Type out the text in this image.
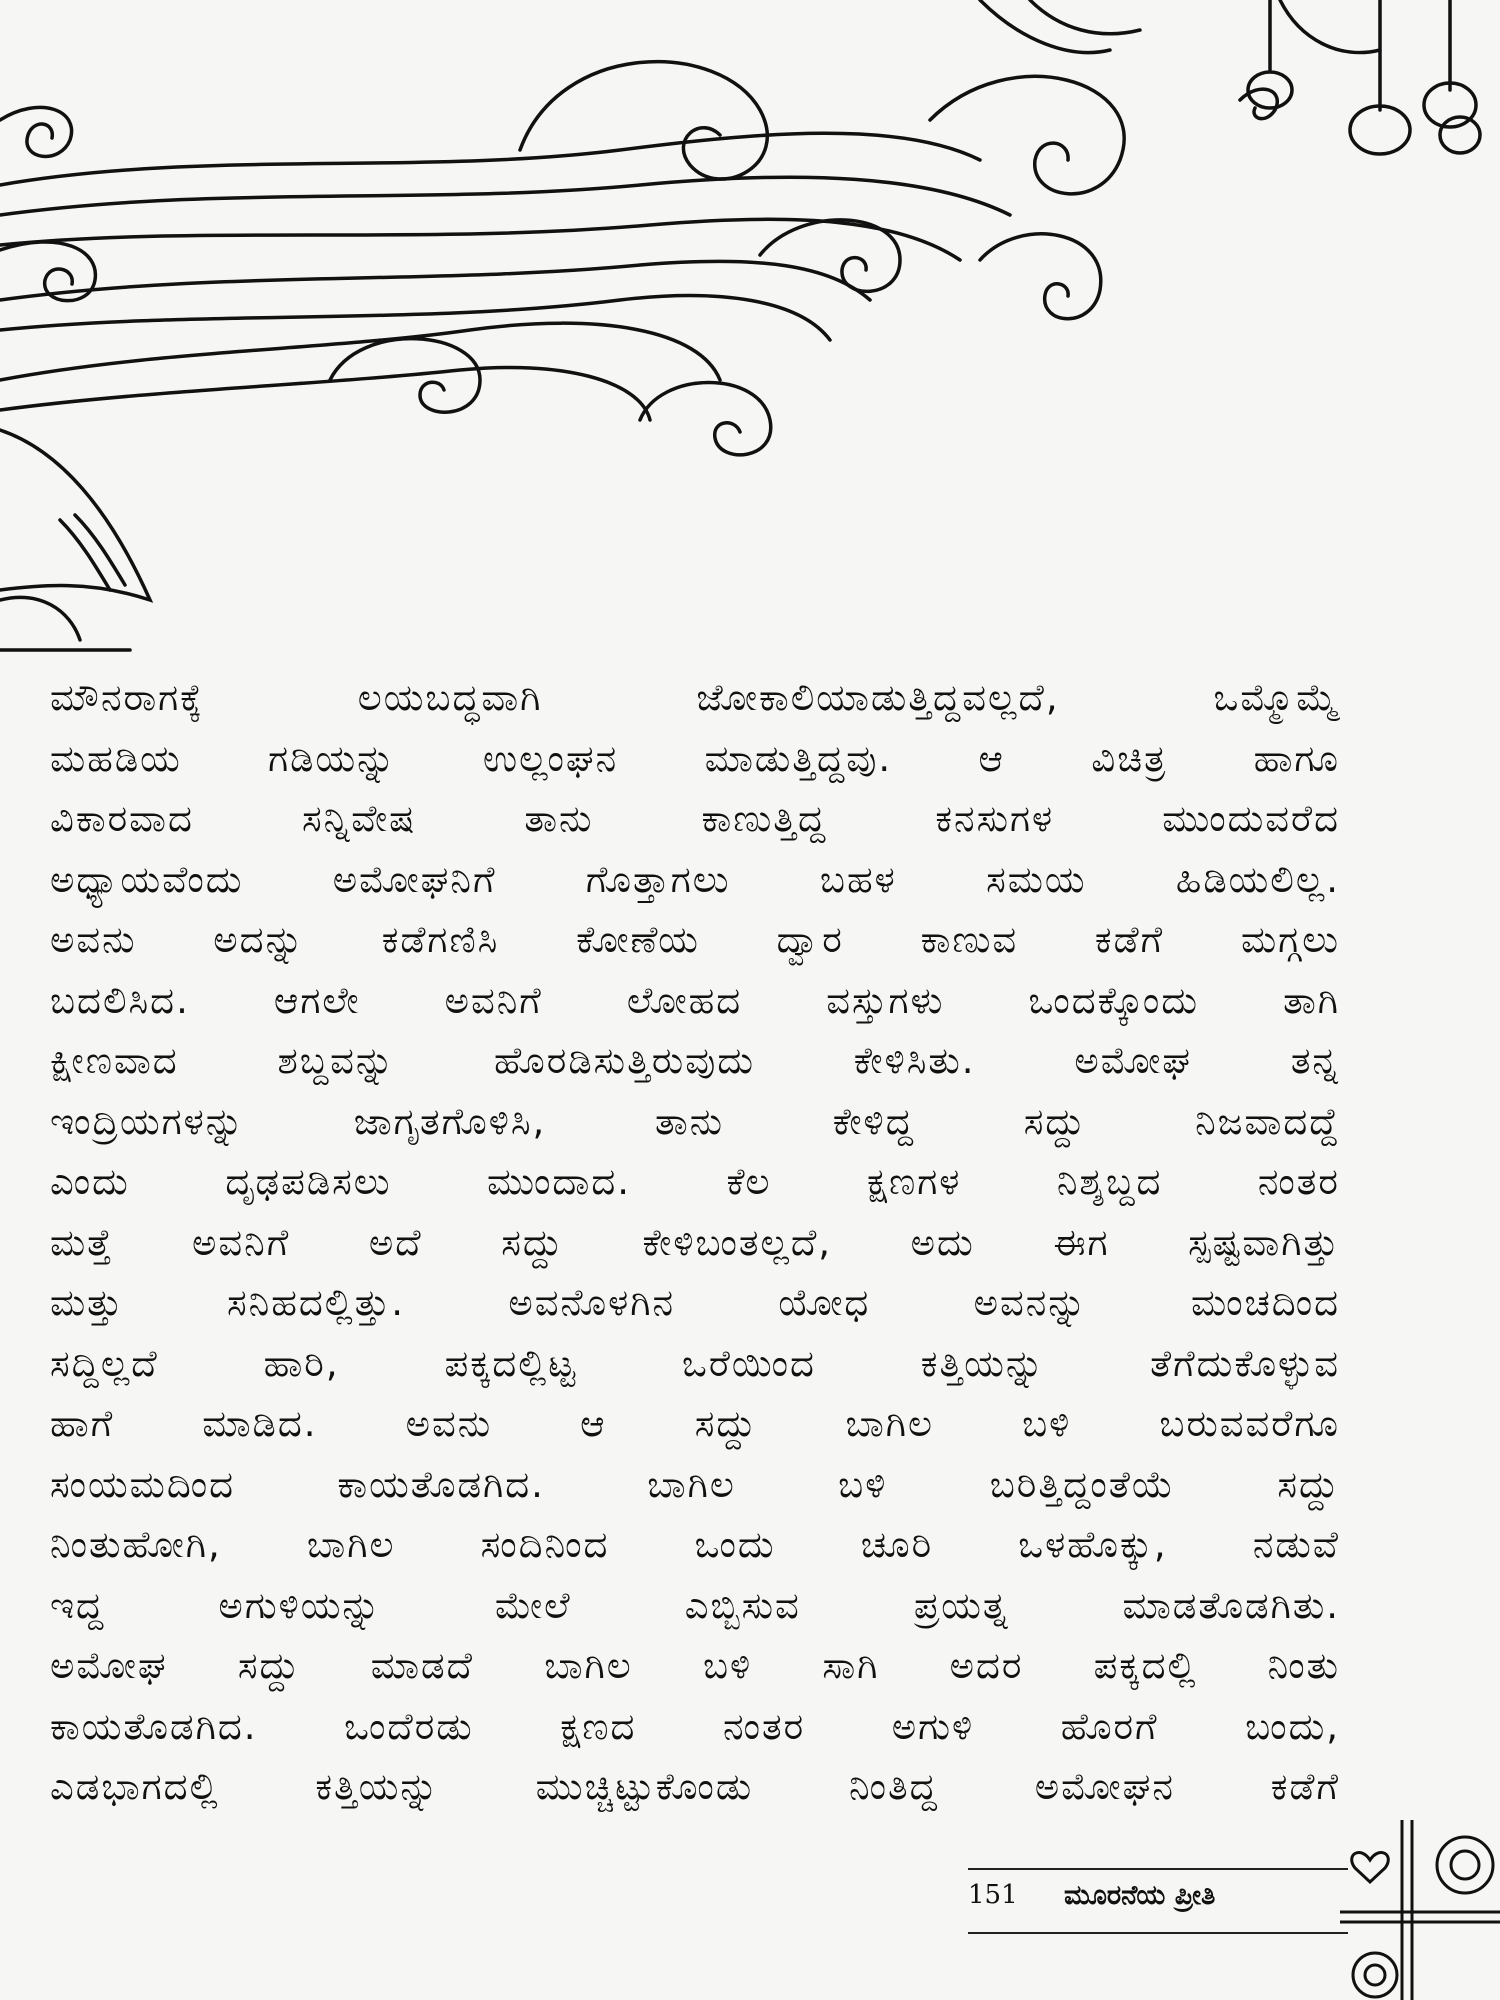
ಮೌನರಾಗಕ್ಕೆ ಲಯಬದ್ಧವಾಗಿ ಜೋಕಾಲಿಯಾಡುತ್ತಿದ್ದವಲ್ಲದೆ, ಒಮ್ಮೊಮ್ಮೆ
ಮಹಡಿಯ ಗಡಿಯನ್ನು ಉಲ್ಲಂಘನ ಮಾಡುತ್ತಿದ್ದವು. ಆ ವಿಚಿತ್ರ ಹಾಗೂ
ವಿಕಾರವಾದ ಸನ್ನಿವೇಷ ತಾನು ಕಾಣುತ್ತಿದ್ದ ಕನಸುಗಳ ಮುಂದುವರೆದ
ಅಧ್ಯಾಯವೆಂದು ಅಮೋಘನಿಗೆ ಗೊತ್ತಾಗಲು ಬಹಳ ಸಮಯ ಹಿಡಿಯಲಿಲ್ಲ.
ಅವನು ಅದನ್ನು ಕಡೆಗಣಿಸಿ ಕೋಣೆಯ ದ್ವಾರ ಕಾಣುವ ಕಡೆಗೆ ಮಗ್ಗಲು
ಬದಲಿಸಿದ. ಆಗಲೇ ಅವನಿಗೆ ಲೋಹದ ವಸ್ತುಗಳು ಒಂದಕ್ಕೊಂದು ತಾಗಿ
ಕ್ಷೀಣವಾದ ಶಬ್ದವನ್ನು ಹೊರಡಿಸುತ್ತಿರುವುದು ಕೇಳಿಸಿತು. ಅಮೋಘ ತನ್ನ
ಇಂದ್ರಿಯಗಳನ್ನು ಜಾಗೃತಗೊಳಿಸಿ, ತಾನು ಕೇಳಿದ್ದ ಸದ್ದು ನಿಜವಾದದ್ದೆ
ಎಂದು ದೃಢಪಡಿಸಲು ಮುಂದಾದ. ಕೆಲ ಕ್ಷಣಗಳ ನಿಶ್ಶಬ್ದದ ನಂತರ
ಮತ್ತೆ ಅವನಿಗೆ ಅದೆ ಸದ್ದು ಕೇಳಿಬಂತಲ್ಲದೆ, ಅದು ಈಗ ಸ್ಪಷ್ಟವಾಗಿತ್ತು
ಮತ್ತು ಸನಿಹದಲ್ಲಿತ್ತು. ಅವನೊಳಗಿನ ಯೋಧ ಅವನನ್ನು ಮಂಚದಿಂದ
ಸದ್ದಿಲ್ಲದೆ ಹಾರಿ, ಪಕ್ಕದಲ್ಲಿಟ್ಟ ಒರೆಯಿಂದ ಕತ್ತಿಯನ್ನು ತೆಗೆದುಕೊಳ್ಳುವ
ಹಾಗೆ ಮಾಡಿದ. ಅವನು ಆ ಸದ್ದು ಬಾಗಿಲ ಬಳಿ ಬರುವವರೆಗೂ
ಸಂಯಮದಿಂದ ಕಾಯತೊಡಗಿದ. ಬಾಗಿಲ ಬಳಿ ಬರಿತ್ತಿದ್ದಂತೆಯೆ ಸದ್ದು
ನಿಂತುಹೋಗಿ, ಬಾಗಿಲ ಸಂದಿನಿಂದ ಒಂದು ಚೂರಿ ಒಳಹೊಕ್ಕು, ನಡುವೆ
ಇದ್ದ ಅಗುಳಿಯನ್ನು ಮೇಲೆ ಎಬ್ಬಿಸುವ ಪ್ರಯತ್ನ ಮಾಡತೊಡಗಿತು.
ಅಮೋಘ ಸದ್ದು ಮಾಡದೆ ಬಾಗಿಲ ಬಳಿ ಸಾಗಿ ಅದರ ಪಕ್ಕದಲ್ಲಿ ನಿಂತು
ಕಾಯತೊಡಗಿದ. ಒಂದೆರಡು ಕ್ಷಣದ ನಂತರ ಅಗುಳಿ ಹೊರಗೆ ಬಂದು,
ಎಡಭಾಗದಲ್ಲಿ ಕತ್ತಿಯನ್ನು ಮುಚ್ಚಿಟ್ಟುಕೊಂಡು ನಿಂತಿದ್ದ ಅಮೋಘನ ಕಡೆಗೆ
151 ಮೂರನೆಯ ಪ್ರೀತಿ
